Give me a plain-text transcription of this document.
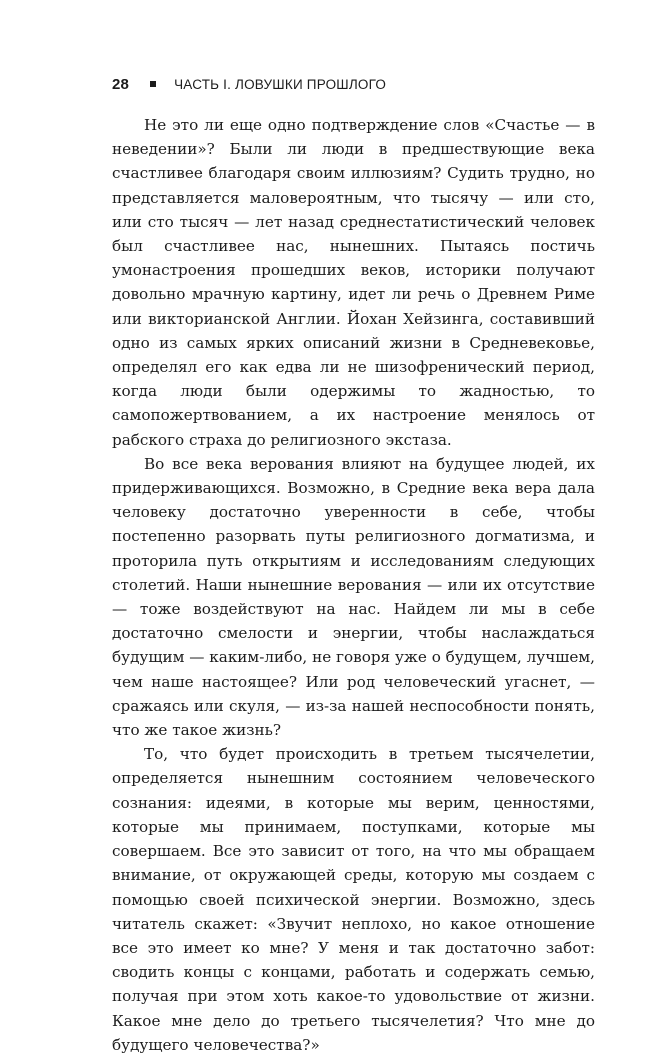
28	ЧАСТЬ I. ЛОВУШКИ ПРОШЛОГО

Не это ли еще одно подтверждение слов «Счастье — в неведении»? Были ли люди в предшествующие века счастливее благодаря своим иллюзиям? Судить трудно, но представляется маловероятным, что тысячу — или сто, или сто тысяч — лет назад среднестатистический человек был счастливее нас, нынешних. Пытаясь постичь умонастроения прошедших веков, историки получают довольно мрачную картину, идет ли речь о Древнем Риме или викторианской Англии. Йохан Хейзинга, составивший одно из самых ярких описаний жизни в Средневековье, определял его как едва ли не шизофренический период, когда люди были одержимы то жадностью, то самопожертвованием, а их настроение менялось от рабского страха до религиозного экстаза.

Во все века верования влияют на будущее людей, их придерживающихся. Возможно, в Средние века вера дала человеку достаточно уверенности в себе, чтобы постепенно разорвать путы религиозного догматизма, и проторила путь открытиям и исследованиям следующих столетий. Наши нынешние верования — или их отсутствие — тоже воздействуют на нас. Найдем ли мы в себе достаточно смелости и энергии, чтобы наслаждаться будущим — каким-либо, не говоря уже о будущем, лучшем, чем наше настоящее? Или род человеческий угаснет, — сражаясь или скуля, — из-за нашей неспособности понять, что же такое жизнь?

То, что будет происходить в третьем тысячелетии, определяется нынешним состоянием человеческого сознания: идеями, в которые мы верим, ценностями, которые мы принимаем, поступками, которые мы совершаем. Все это зависит от того, на что мы обращаем внимание, от окружающей среды, которую мы создаем с помощью своей психической энергии. Возможно, здесь читатель скажет: «Звучит неплохо, но какое отношение все это имеет ко мне? У меня и так достаточно забот: сводить концы с концами, работать и содержать семью, получая при этом хоть какое-то удовольствие от жизни. Какое мне дело до третьего тысячелетия? Что мне до будущего человечества?»
